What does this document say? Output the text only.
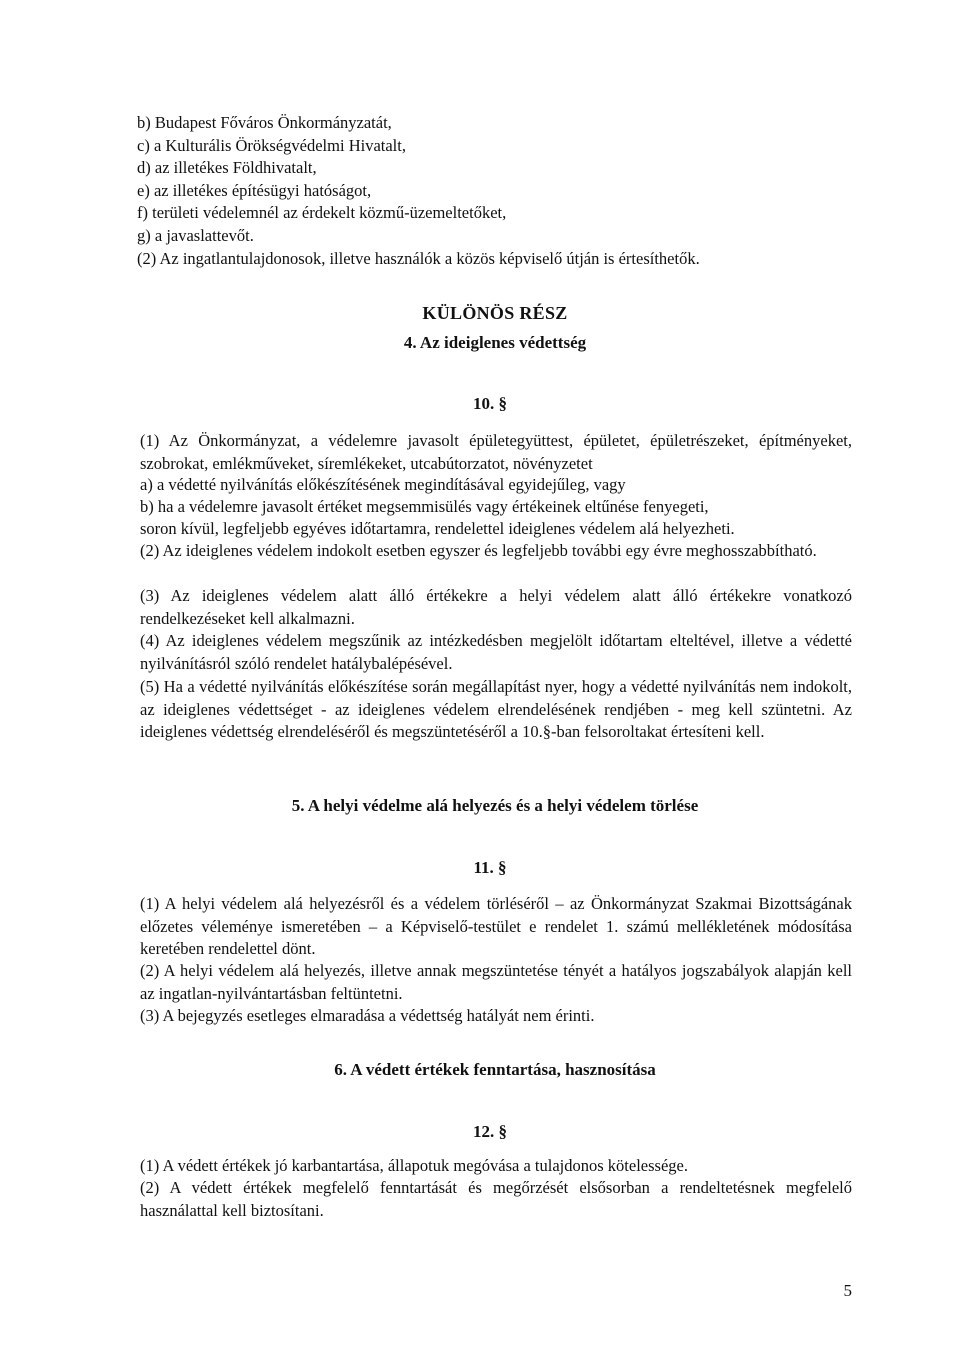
b) Budapest Főváros Önkormányzatát,
c) a Kulturális Örökségvédelmi Hivatalt,
d) az illetékes Földhivatalt,
e) az illetékes építésügyi hatóságot,
f) területi védelemnél az érdekelt közmű-üzemeltetőket,
g) a javaslattevőt.
(2) Az ingatlantulajdonosok, illetve használók a közös képviselő útján is értesíthetők.
KÜLÖNÖS RÉSZ
4. Az ideiglenes védettség
10. §

(1) Az Önkormányzat, a védelemre javasolt épületegyüttest, épületet, épületrészeket, építményeket, szobrokat, emlékműveket, síremlékeket, utcabútorzatot, növényzetet

a) a védetté nyilvánítás előkészítésének megindításával egyidejűleg, vagy

b) ha a védelemre javasolt értéket megsemmisülés vagy értékeinek eltűnése fenyegeti,

soron kívül, legfeljebb egyéves időtartamra, rendelettel ideiglenes védelem alá helyezheti.

(2) Az ideiglenes védelem indokolt esetben egyszer és legfeljebb további egy évre meghosszabbítható.

(3) Az ideiglenes védelem alatt álló értékekre a helyi védelem alatt álló értékekre vonatkozó rendelkezéseket kell alkalmazni.

(4) Az ideiglenes védelem megszűnik az intézkedésben megjelölt időtartam elteltével, illetve a védetté nyilvánításról szóló rendelet hatálybalépésével.

(5) Ha a védetté nyilvánítás előkészítése során megállapítást nyer, hogy a védetté nyilvánítás nem indokolt, az ideiglenes védettséget - az ideiglenes védelem elrendelésének rendjében - meg kell szüntetni. Az ideiglenes védettség elrendeléséről és megszüntetéséről a 10.§-ban felsoroltakat értesíteni kell.

5. A helyi védelme alá helyezés és a helyi védelem törlése
11. §

(1) A helyi védelem alá helyezésről és a védelem törléséről – az Önkormányzat Szakmai Bizottságának előzetes véleménye ismeretében – a Képviselő-testület e rendelet 1. számú mellékletének módosítása keretében rendelettel dönt.

(2) A helyi védelem alá helyezés, illetve annak megszüntetése tényét a hatályos jogszabályok alapján kell az ingatlan-nyilvántartásban feltüntetni.

(3) A bejegyzés esetleges elmaradása a védettség hatályát nem érinti.

6. A védett értékek fenntartása, hasznosítása
12. §

(1) A védett értékek jó karbantartása, állapotuk megóvása a tulajdonos kötelessége.

(2) A védett értékek megfelelő fenntartását és megőrzését elsősorban a rendeltetésnek megfelelő használattal kell biztosítani.

5
